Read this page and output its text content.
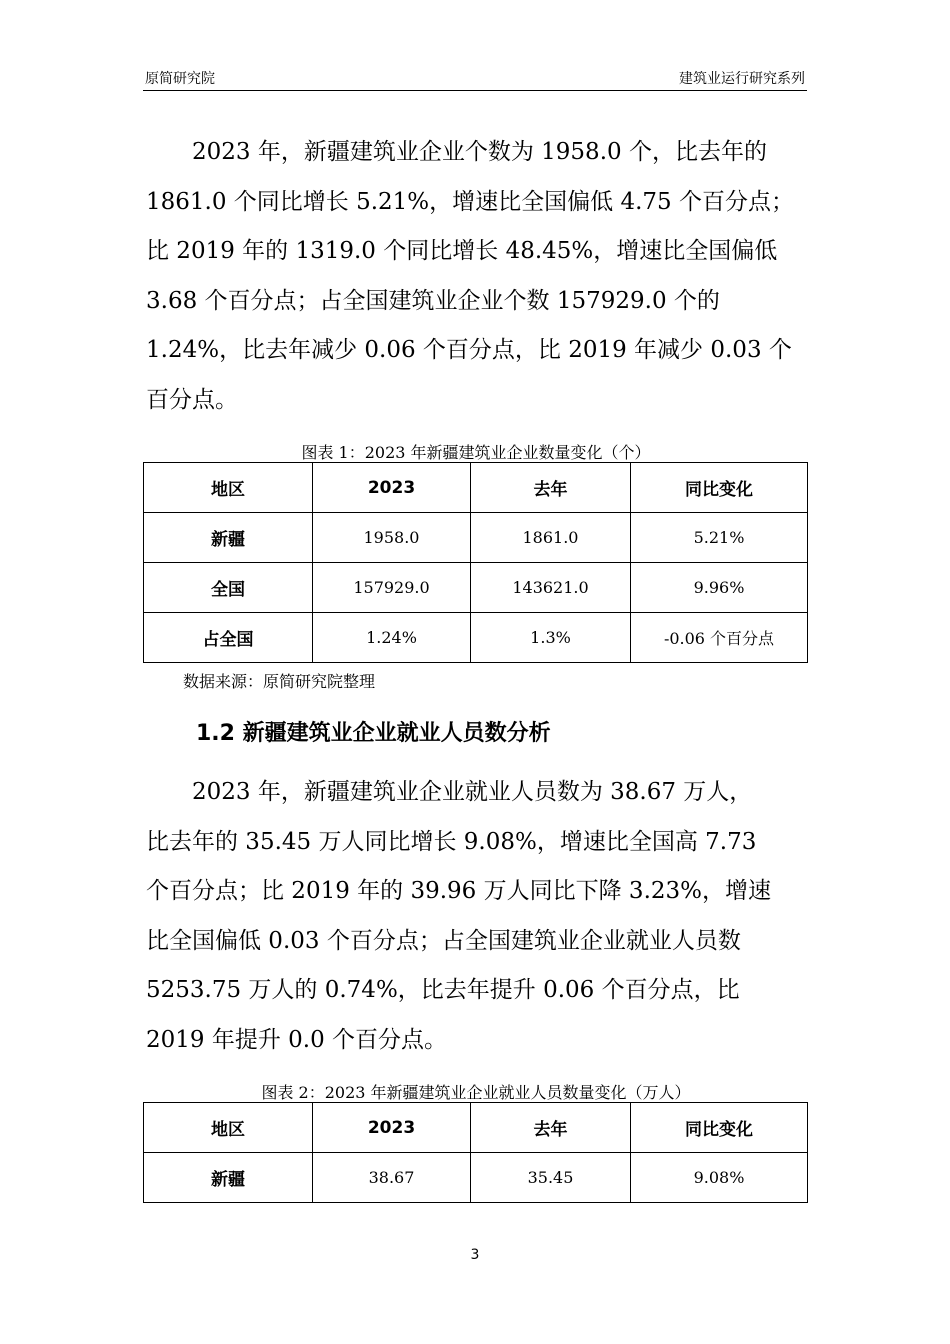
原简研究院	建筑业运行研究系列

2023 年，新疆建筑业企业个数为 1958.0 个，比去年的
1861.0 个同比增长 5.21%，增速比全国偏低 4.75 个百分点；
比 2019 年的 1319.0 个同比增长 48.45%，增速比全国偏低
3.68 个百分点；占全国建筑业企业个数 157929.0 个的
1.24%，比去年减少 0.06 个百分点，比 2019 年减少 0.03 个
百分点。

图表 1：2023 年新疆建筑业企业数量变化（个）
地区	2023	去年	同比变化
新疆	1958.0	1861.0	5.21%
全国	157929.0	143621.0	9.96%
占全国	1.24%	1.3%	-0.06 个百分点
数据来源：原简研究院整理
1.2 新疆建筑业企业就业人员数分析

2023 年，新疆建筑业企业就业人员数为 38.67 万人，
比去年的 35.45 万人同比增长 9.08%，增速比全国高 7.73
个百分点；比 2019 年的 39.96 万人同比下降 3.23%，增速
比全国偏低 0.03 个百分点；占全国建筑业企业就业人员数
5253.75 万人的 0.74%，比去年提升 0.06 个百分点，比
2019 年提升 0.0 个百分点。

图表 2：2023 年新疆建筑业企业就业人员数量变化（万人）
地区	2023	去年	同比变化
新疆	38.67	35.45	9.08%
3
